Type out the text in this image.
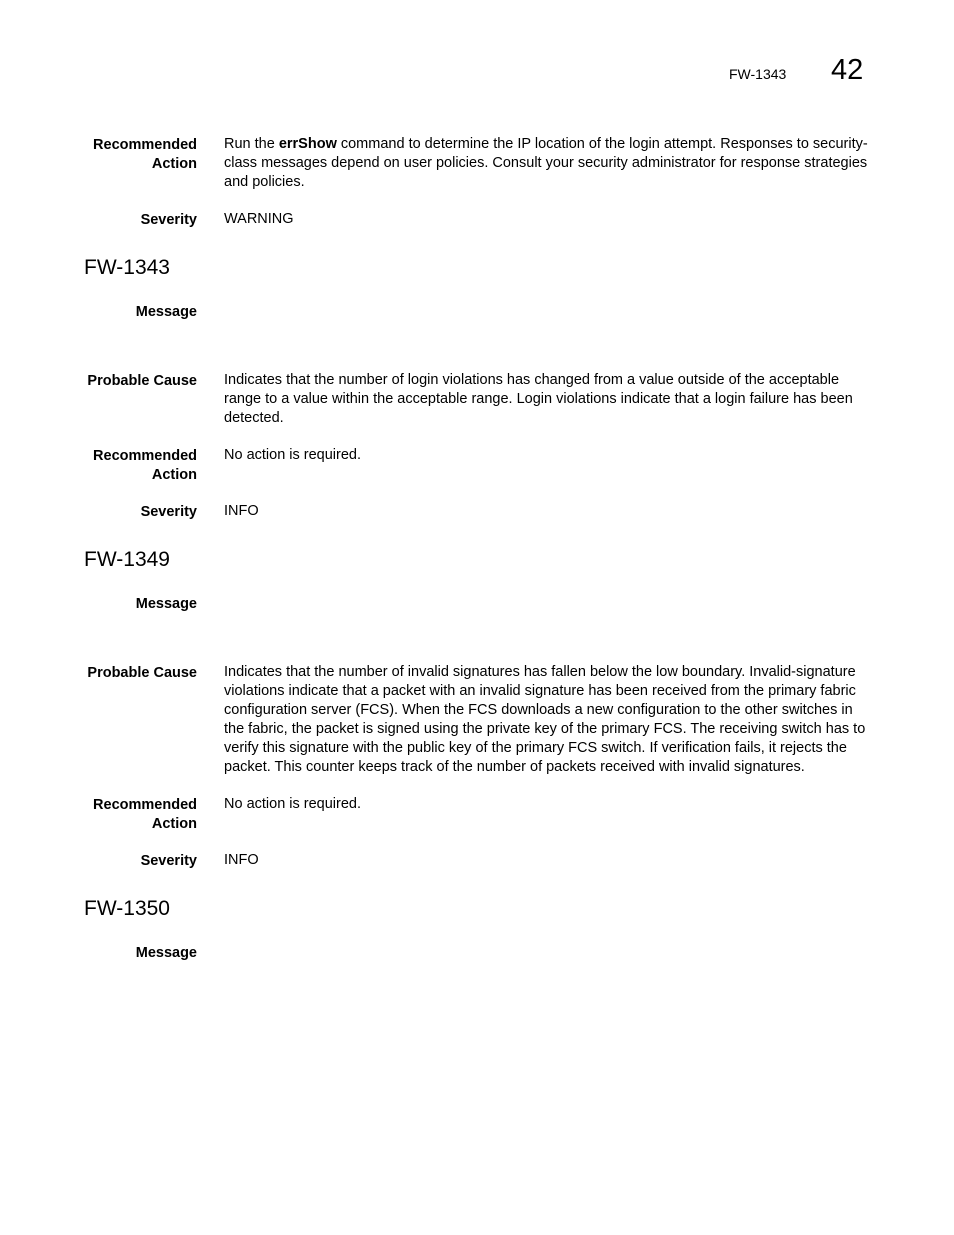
FW-1343 42
Recommended
Action
Run the errShow command to determine the IP location of the login attempt. Responses to security-class messages depend on user policies. Consult your security administrator for response strategies and policies.
Severity WARNING
FW-1343
Message
Probable Cause Indicates that the number of login violations has changed from a value outside of the acceptable range to a value within the acceptable range. Login violations indicate that a login failure has been detected.
Recommended
Action
No action is required.
Severity INFO
FW-1349
Message
Probable Cause Indicates that the number of invalid signatures has fallen below the low boundary. Invalid-signature violations indicate that a packet with an invalid signature has been received from the primary fabric configuration server (FCS). When the FCS downloads a new configuration to the other switches in the fabric, the packet is signed using the private key of the primary FCS. The receiving switch has to verify this signature with the public key of the primary FCS switch. If verification fails, it rejects the packet. This counter keeps track of the number of packets received with invalid signatures.
Recommended
Action
No action is required.
Severity INFO
FW-1350
Message
